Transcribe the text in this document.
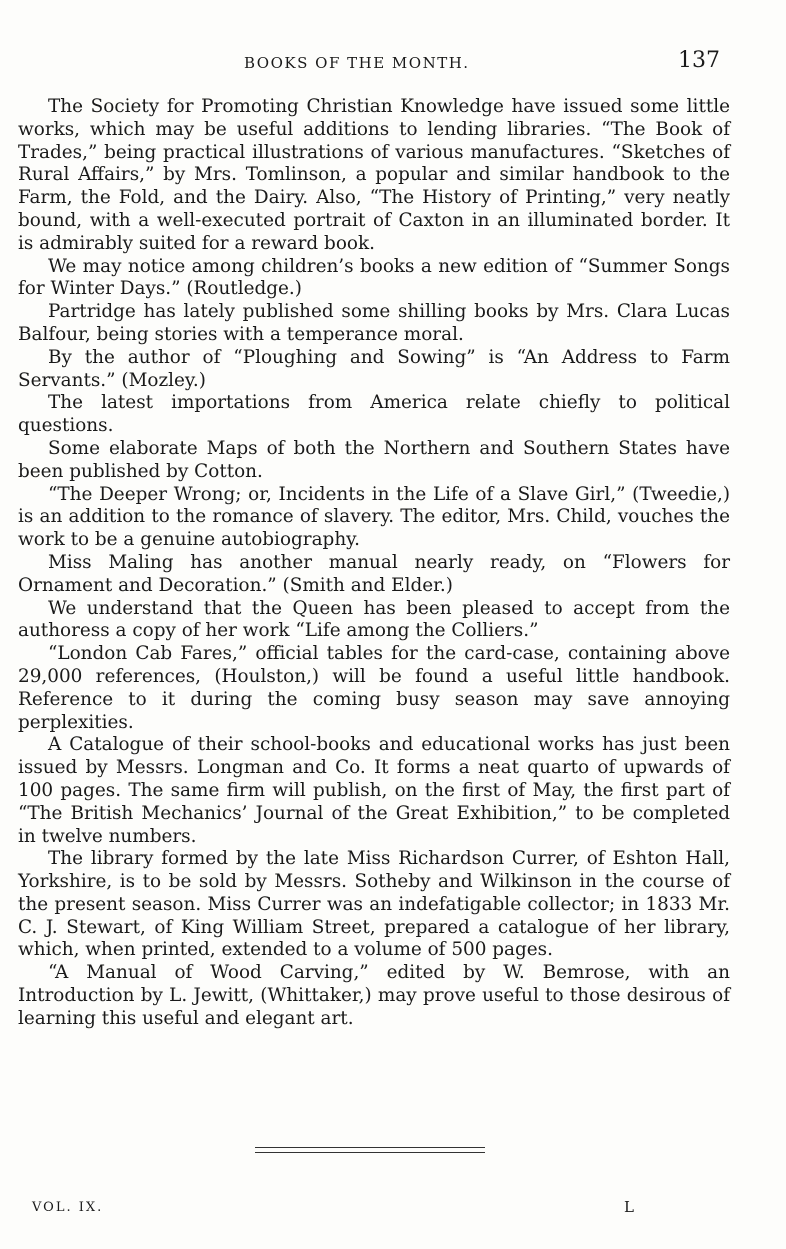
BOOKS OF THE MONTH.	137

The Society for Promoting Christian Knowledge have issued some little works, which may be useful additions to lending libraries. “The Book of Trades,” being practical illustrations of various manufactures. “Sketches of Rural Affairs,” by Mrs. Tomlinson, a popular and similar handbook to the Farm, the Fold, and the Dairy. Also, “The History of Printing,” very neatly bound, with a well-executed portrait of Caxton in an illuminated border. It is admirably suited for a reward book.

We may notice among children’s books a new edition of “Summer Songs for Winter Days.” (Routledge.)

Partridge has lately published some shilling books by Mrs. Clara Lucas Balfour, being stories with a temperance moral.

By the author of “Ploughing and Sowing” is “An Address to Farm Servants.” (Mozley.)

The latest importations from America relate chiefly to political questions.

Some elaborate Maps of both the Northern and Southern States have been published by Cotton.

“The Deeper Wrong; or, Incidents in the Life of a Slave Girl,” (Tweedie,) is an addition to the romance of slavery. The editor, Mrs. Child, vouches the work to be a genuine autobiography.

Miss Maling has another manual nearly ready, on “Flowers for Ornament and Decoration.” (Smith and Elder.)

We understand that the Queen has been pleased to accept from the authoress a copy of her work “Life among the Colliers.”

“London Cab Fares,” official tables for the card-case, containing above 29,000 references, (Houlston,) will be found a useful little handbook. Reference to it during the coming busy season may save annoying perplexities.

A Catalogue of their school-books and educational works has just been issued by Messrs. Longman and Co. It forms a neat quarto of upwards of 100 pages. The same firm will publish, on the first of May, the first part of “The British Mechanics’ Journal of the Great Exhibition,” to be completed in twelve numbers.

The library formed by the late Miss Richardson Currer, of Eshton Hall, Yorkshire, is to be sold by Messrs. Sotheby and Wilkinson in the course of the present season. Miss Currer was an indefatigable collector; in 1833 Mr. C. J. Stewart, of King William Street, prepared a catalogue of her library, which, when printed, extended to a volume of 500 pages.

“A Manual of Wood Carving,” edited by W. Bemrose, with an Introduction by L. Jewitt, (Whittaker,) may prove useful to those desirous of learning this useful and elegant art.

VOL. IX.	L
